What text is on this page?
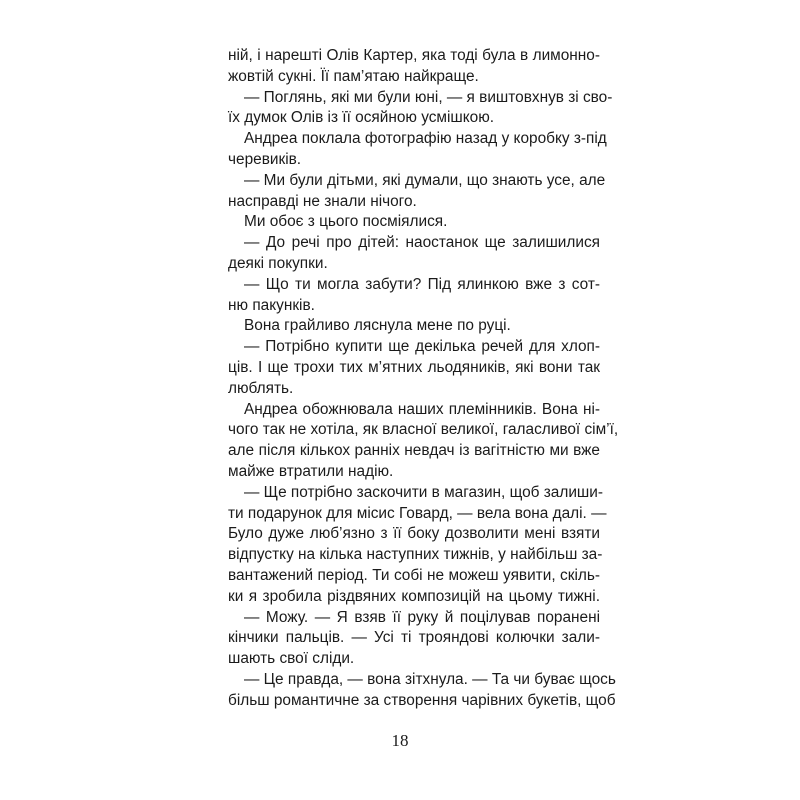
ній, і нарешті Олів Картер, яка тоді була в лимонно-
жовтій сукні. Її пам’ятаю найкраще.
— Поглянь, які ми були юні, — я виштовхнув зі сво-
їх думок Олів із її осяйною усмішкою.
Андреа поклала фотографію назад у коробку з-під
черевиків.
— Ми були дітьми, які думали, що знають усе, але
насправді не знали нічого.
Ми обоє з цього посміялися.
— До речі про дітей: наостанок ще залишилися
деякі покупки.
— Що ти могла забути? Під ялинкою вже з сот-
ню пакунків.
Вона грайливо ляснула мене по руці.
— Потрібно купити ще декілька речей для хлоп-
ців. І ще трохи тих м’ятних льодяників, які вони так
люблять.
Андреа обожнювала наших племінників. Вона ні-
чого так не хотіла, як власної великої, галасливої сім’ї,
але після кількох ранніх невдач із вагітністю ми вже
майже втратили надію.
— Ще потрібно заскочити в магазин, щоб залиши-
ти подарунок для місис Говард, — вела вона далі. —
Було дуже люб’язно з її боку дозволити мені взяти
відпустку на кілька наступних тижнів, у найбільш за-
вантажений період. Ти собі не можеш уявити, скіль-
ки я зробила різдвяних композицій на цьому тижні.
— Можу. — Я взяв її руку й поцілував поранені
кінчики пальців. — Усі ті трояндові колючки зали-
шають свої сліди.
— Це правда, — вона зітхнула. — Та чи буває щось
більш романтичне за створення чарівних букетів, щоб
18
